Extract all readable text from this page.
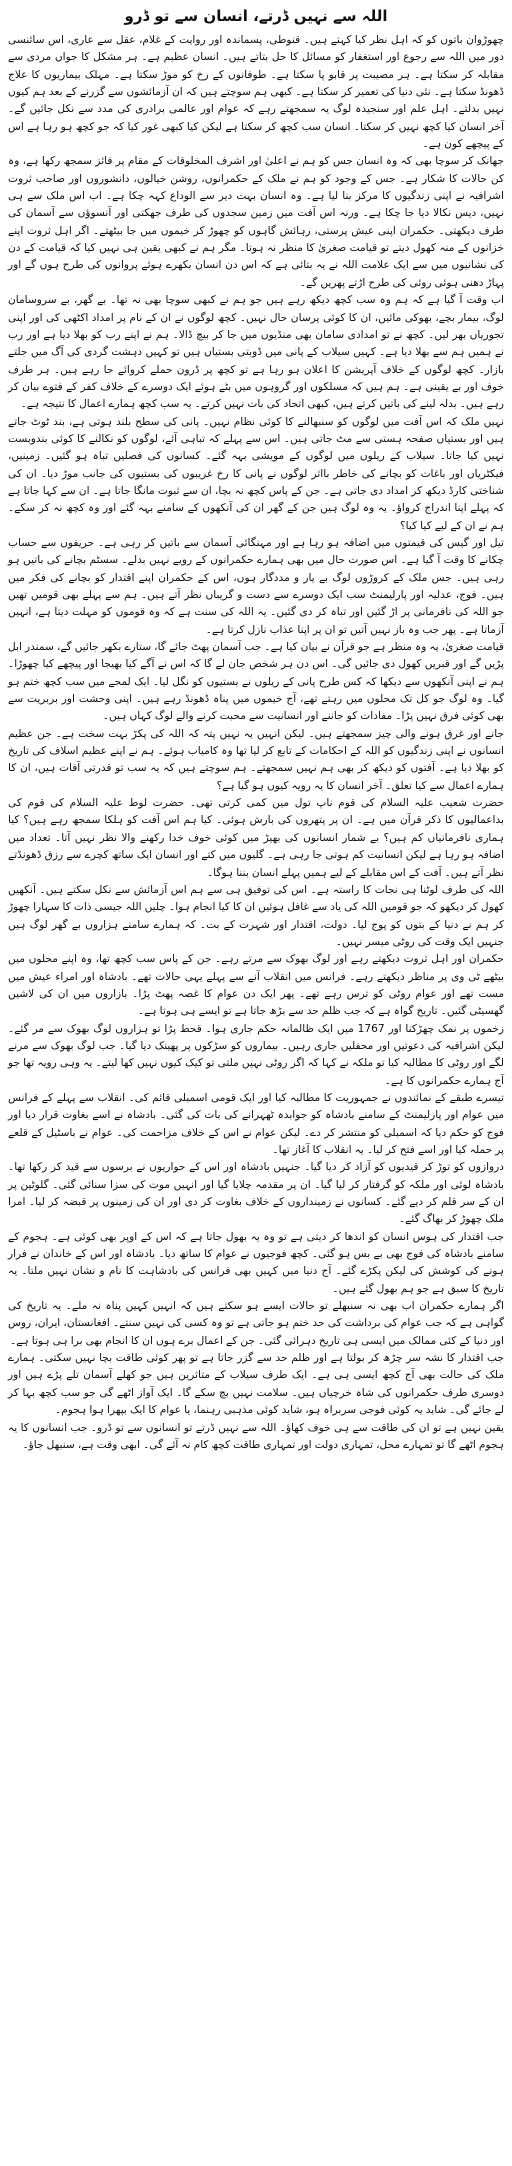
اللہ سے نہیں ڈرتے، انسان سے تو ڈرو

چھوڑوان باتوں کو کہ اہل نظر کیا کہتے ہیں۔ قنوطی، پسماندہ اور روایت کے غلام، عقل سے عاری، اس سائنسی دور میں اللہ سے رجوع اور استغفار کو مسائل کا حل بتاتے ہیں۔ انسان عظیم ہے۔ ہر مشکل کا جواں مردی سے مقابلہ کر سکتا ہے۔ ہر مصیبت پر قابو پا سکتا ہے۔ طوفانوں کے رخ کو موڑ سکتا ہے۔ مہلک بیماریوں کا علاج ڈھونڈ سکتا ہے۔ نئی دنیا کی تعمیر کر سکتا ہے۔ کبھی ہم سوچتے ہیں کہ ان آزمائشوں سے گزرنے کے بعد ہم کیوں نہیں بدلتے۔ اہل علم اور سنجیدہ لوگ یہ سمجھتے رہے کہ عوام اور عالمی برادری کی مدد سے نکل جائیں گے۔ آخر انسان کیا کچھ نہیں کر سکتا۔ انسان سب کچھ کر سکتا ہے لیکن کیا کبھی غور کیا کہ جو کچھ ہو رہا ہے اس کے پیچھے کون ہے۔

جھانک کر سوچا بھی کہ وہ انسان جس کو ہم نے اعلیٰ اور اشرف المخلوقات کے مقام پر فائز سمجھ رکھا ہے، وہ کن حالات کا شکار ہے۔ جس کے وجود کو ہم نے ملک کے حکمرانوں، روشن خیالوں، دانشوروں اور صاحب ثروت اشرافیہ نے اپنی زندگیوں کا مرکز بنا لیا ہے۔ وہ انسان بہت دیر سے الوداع کہہ چکا ہے۔ اب اس ملک سے ہی نہیں، دیس نکالا دیا جا چکا ہے۔ ورنہ اس آفت میں زمین سجدوں کی طرف جھکتی اور آنسوؤں سے آسمان کی طرف دیکھتی۔ حکمران اپنی عیش پرستی، رہائش گاہوں کو چھوڑ کر خیموں میں جا بیٹھتے۔ اگر اہل ثروت اپنے خزانوں کے منہ کھول دیتے تو قیامت صغریٰ کا منظر نہ ہوتا۔ مگر ہم نے کبھی یقین ہی نہیں کیا کہ قیامت کے دن کی نشانیوں میں سے ایک علامت اللہ نے یہ بتائی ہے کہ اس دن انسان بکھرے ہوئے پروانوں کی طرح ہوں گے اور پہاڑ دھنی ہوئی روئی کی طرح اڑتے پھریں گے۔

اب وقت آ گیا ہے کہ ہم وہ سب کچھ دیکھ رہے ہیں جو ہم نے کبھی سوچا بھی نہ تھا۔ بے گھر، بے سروسامان لوگ، بیمار بچے، بھوکی مائیں، ان کا کوئی پرسان حال نہیں۔ کچھ لوگوں نے ان کے نام پر امداد اکٹھی کی اور اپنی تجوریاں بھر لیں۔ کچھ نے تو امدادی سامان بھی منڈیوں میں جا کر بیچ ڈالا۔ ہم نے اپنے رب کو بھلا دیا ہے اور رب نے ہمیں ہم سے بھلا دیا ہے۔ کہیں سیلاب کے پانی میں ڈوبتی بستیاں ہیں تو کہیں دہشت گردی کی آگ میں جلتے بازار۔ کچھ لوگوں کے خلاف آپریشن کا اعلان ہو رہا ہے تو کچھ پر ڈرون حملے کروائے جا رہے ہیں۔ ہر طرف خوف اور بے یقینی ہے۔ ہم ہیں کہ مسلکوں اور گروہوں میں بٹے ہوئے ایک دوسرے کے خلاف کفر کے فتوے بیان کر رہے ہیں۔ بدلہ لینے کی باتیں کرتے ہیں، کبھی اتحاد کی بات نہیں کرتے۔ یہ سب کچھ ہمارے اعمال کا نتیجہ ہے۔

نہیں ملک کہ اس آفت میں لوگوں کو سنبھالنے کا کوئی نظام نہیں۔ پانی کی سطح بلند ہوتی ہے، بند ٹوٹ جاتے ہیں اور بستیاں صفحہ ہستی سے مٹ جاتی ہیں۔ اس سے پہلے کہ تباہی آئے، لوگوں کو نکالنے کا کوئی بندوبست نہیں کیا جاتا۔ سیلاب کے ریلوں میں لوگوں کے مویشی بہہ گئے۔ کسانوں کی فصلیں تباہ ہو گئیں۔ زمینیں، فیکٹریاں اور باغات کو بچانے کی خاطر بااثر لوگوں نے پانی کا رخ غریبوں کی بستیوں کی جانب موڑ دیا۔ ان کی شناختی کارڈ دیکھ کر امداد دی جاتی ہے۔ جن کے پاس کچھ نہ بچا، ان سے ثبوت مانگا جاتا ہے۔ ان سے کہا جاتا ہے کہ پہلے اپنا اندراج کرواؤ۔ یہ وہ لوگ ہیں جن کے گھر ان کی آنکھوں کے سامنے بہہ گئے اور وہ کچھ نہ کر سکے۔ ہم نے ان کے لیے کیا کیا؟

تیل اور گیس کی قیمتوں میں اضافہ ہو رہا ہے اور مہنگائی آسمان سے باتیں کر رہی ہے۔ حریفوں سے حساب چکانے کا وقت آ گیا ہے۔ اس صورت حال میں بھی ہمارے حکمرانوں کے رویے نہیں بدلے۔ سسٹم بچانے کی باتیں ہو رہی ہیں۔ جس ملک کے کروڑوں لوگ بے یار و مددگار ہوں، اس کے حکمران اپنے اقتدار کو بچانے کی فکر میں ہیں۔ فوج، عدلیہ اور پارلیمنٹ سب ایک دوسرے سے دست و گریباں نظر آتے ہیں۔ ہم سے پہلے بھی قومیں تھیں جو اللہ کی نافرمانی پر اڑ گئیں اور تباہ کر دی گئیں۔ یہ اللہ کی سنت ہے کہ وہ قوموں کو مہلت دیتا ہے، انہیں آزماتا ہے۔ پھر جب وہ باز نہیں آتیں تو ان پر اپنا عذاب نازل کرتا ہے۔

قیامت صغریٰ، یہ وہ منظر ہے جو قرآن نے بیان کیا ہے۔ جب آسمان پھٹ جائے گا، ستارے بکھر جائیں گے، سمندر ابل پڑیں گے اور قبریں کھول دی جائیں گی۔ اس دن ہر شخص جان لے گا کہ اس نے آگے کیا بھیجا اور پیچھے کیا چھوڑا۔ ہم نے اپنی آنکھوں سے دیکھا کہ کس طرح پانی کے ریلوں نے بستیوں کو نگل لیا۔ ایک لمحے میں سب کچھ ختم ہو گیا۔ وہ لوگ جو کل تک محلوں میں رہتے تھے، آج خیموں میں پناہ ڈھونڈ رہے ہیں۔ اپنی وحشت اور بربریت سے بھی کوئی فرق نہیں پڑا۔ مفادات کو جاننے اور انسانیت سے محبت کرنے والے لوگ کہاں ہیں۔

جانے اور غرق ہونے والی چیز سمجھتے ہیں۔ لیکن انہیں یہ نہیں پتہ کہ اللہ کی پکڑ بہت سخت ہے۔ جن عظیم انسانوں نے اپنی زندگیوں کو اللہ کے احکامات کے تابع کر لیا تھا وہ کامیاب ہوئے۔ ہم نے اپنے عظیم اسلاف کی تاریخ کو بھلا دیا ہے۔ آفتوں کو دیکھ کر بھی ہم نہیں سمجھتے۔ ہم سوچتے ہیں کہ یہ سب تو قدرتی آفات ہیں، ان کا ہمارے اعمال سے کیا تعلق۔ آخر انسان کا یہ رویہ کیوں ہو گیا ہے؟

حضرت شعیب علیہ السلام کی قوم ناپ تول میں کمی کرتی تھی۔ حضرت لوط علیہ السلام کی قوم کی بداعمالیوں کا ذکر قرآن میں ہے۔ ان پر پتھروں کی بارش ہوئی۔ کیا ہم اس آفت کو ہلکا سمجھ رہے ہیں؟ کیا ہماری نافرمانیاں کم ہیں؟ بے شمار انسانوں کی بھیڑ میں کوئی خوف خدا رکھنے والا نظر نہیں آتا۔ تعداد میں اضافہ ہو رہا ہے لیکن انسانیت کم ہوتی جا رہی ہے۔ گلیوں میں کتے اور انسان ایک ساتھ کچرے سے رزق ڈھونڈتے نظر آتے ہیں۔ آفت کے اس مقابلے کے لیے ہمیں پہلے انسان بننا ہوگا۔

اللہ کی طرف لوٹنا ہی نجات کا راستہ ہے۔ اس کی توفیق ہی سے ہم اس آزمائش سے نکل سکتے ہیں۔ آنکھیں کھول کر دیکھو کہ جو قومیں اللہ کی یاد سے غافل ہوئیں ان کا کیا انجام ہوا۔ چلیں اللہ جیسی ذات کا سہارا چھوڑ کر ہم نے دنیا کے بتوں کو پوج لیا۔ دولت، اقتدار اور شہرت کے بت۔ کہ ہمارے سامنے ہزاروں بے گھر لوگ ہیں جنہیں ایک وقت کی روٹی میسر نہیں۔

حکمران اور اہل ثروت دیکھتے رہے اور لوگ بھوک سے مرتے رہے۔ جن کے پاس سب کچھ تھا، وہ اپنے محلوں میں بیٹھے ٹی وی پر مناظر دیکھتے رہے۔ فرانس میں انقلاب آنے سے پہلے یہی حالات تھے۔ بادشاہ اور امراء عیش میں مست تھے اور عوام روٹی کو ترس رہے تھے۔ پھر ایک دن عوام کا غصہ پھٹ پڑا۔ بازاروں میں ان کی لاشیں گھسیٹی گئیں۔ تاریخ گواہ ہے کہ جب ظلم حد سے بڑھ جاتا ہے تو ایسے ہی ہوتا ہے۔

زخموں پر نمک چھڑکنا اور 1767 میں ایک ظالمانہ حکم جاری ہوا۔ قحط پڑا تو ہزاروں لوگ بھوک سے مر گئے۔ لیکن اشرافیہ کی دعوتیں اور محفلیں جاری رہیں۔ بیماروں کو سڑکوں پر پھینک دیا گیا۔ جب لوگ بھوک سے مرنے لگے اور روٹی کا مطالبہ کیا تو ملکہ نے کہا کہ اگر روٹی نہیں ملتی تو کیک کیوں نہیں کھا لیتے۔ یہ وہی رویہ تھا جو آج ہمارے حکمرانوں کا ہے۔

تیسرے طبقے کے نمائندوں نے جمہوریت کا مطالبہ کیا اور ایک قومی اسمبلی قائم کی۔ انقلاب سے پہلے کے فرانس میں عوام اور پارلیمنٹ کے سامنے بادشاہ کو جوابدہ ٹھہرانے کی بات کی گئی۔ بادشاہ نے اسے بغاوت قرار دیا اور فوج کو حکم دیا کہ اسمبلی کو منتشر کر دے۔ لیکن عوام نے اس کے خلاف مزاحمت کی۔ عوام نے باسٹیل کے قلعے پر حملہ کیا اور اسے فتح کر لیا۔ یہ انقلاب کا آغاز تھا۔

دروازوں کو توڑ کر قیدیوں کو آزاد کر دیا گیا۔ جنہیں بادشاہ اور اس کے حواریوں نے برسوں سے قید کر رکھا تھا۔ بادشاہ لوئی اور ملکہ کو گرفتار کر لیا گیا۔ ان پر مقدمہ چلایا گیا اور انہیں موت کی سزا سنائی گئی۔ گلوٹین پر ان کے سر قلم کر دیے گئے۔ کسانوں نے زمینداروں کے خلاف بغاوت کر دی اور ان کی زمینوں پر قبضہ کر لیا۔ امرا ملک چھوڑ کر بھاگ گئے۔

جب اقتدار کی ہوس انسان کو اندھا کر دیتی ہے تو وہ یہ بھول جاتا ہے کہ اس کے اوپر بھی کوئی ہے۔ ہجوم کے سامنے بادشاہ کی فوج بھی بے بس ہو گئی۔ کچھ فوجیوں نے عوام کا ساتھ دیا۔ بادشاہ اور اس کے خاندان نے فرار ہونے کی کوشش کی لیکن پکڑے گئے۔ آج دنیا میں کہیں بھی فرانس کی بادشاہت کا نام و نشان نہیں ملتا۔ یہ تاریخ کا سبق ہے جو ہم بھول گئے ہیں۔

اگر ہمارے حکمران اب بھی نہ سنبھلے تو حالات ایسے ہو سکتے ہیں کہ انہیں کہیں پناہ نہ ملے۔ یہ تاریخ کی گواہی ہے کہ جب عوام کی برداشت کی حد ختم ہو جاتی ہے تو وہ کسی کی نہیں سنتے۔ افغانستان، ایران، روس اور دنیا کے کئی ممالک میں ایسی ہی تاریخ دہرائی گئی۔ جن کے اعمال برے ہوں ان کا انجام بھی برا ہی ہوتا ہے۔

جب اقتدار کا نشہ سر چڑھ کر بولتا ہے اور ظلم حد سے گزر جاتا ہے تو پھر کوئی طاقت بچا نہیں سکتی۔ ہمارے ملک کی حالت بھی آج کچھ ایسی ہی ہے۔ ایک طرف سیلاب کے متاثرین ہیں جو کھلے آسمان تلے پڑے ہیں اور دوسری طرف حکمرانوں کی شاہ خرچیاں ہیں۔ سلامت نہیں بچ سکے گا۔ ایک آواز اٹھے گی جو سب کچھ بہا کر لے جائے گی۔ شاید یہ کوئی فوجی سربراہ ہو، شاید کوئی مذہبی رہنما، یا عوام کا ایک بپھرا ہوا ہجوم۔

یقین نہیں ہے تو ان کی طاقت سے ہی خوف کھاؤ۔ اللہ سے نہیں ڈرتے تو انسانوں سے تو ڈرو۔ جب انسانوں کا یہ ہجوم اٹھے گا تو تمہارے محل، تمہاری دولت اور تمہاری طاقت کچھ کام نہ آئے گی۔ ابھی وقت ہے، سنبھل جاؤ۔
